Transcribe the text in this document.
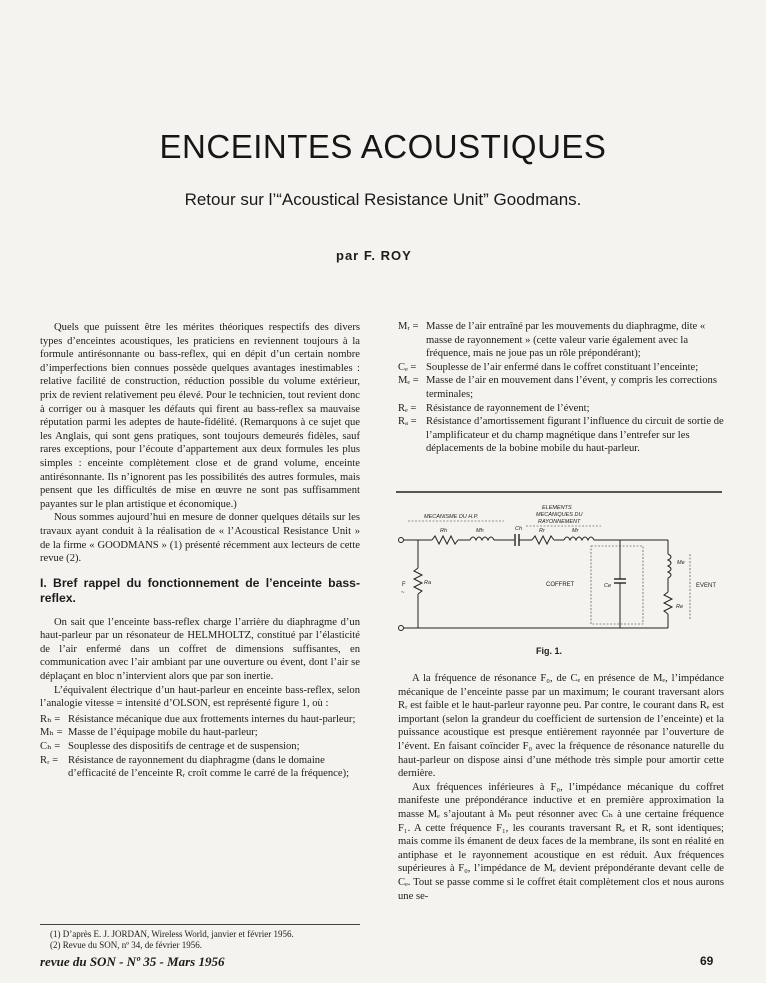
ENCEINTES ACOUSTIQUES
Retour sur l’“Acoustical Resistance Unit” Goodmans.
par F. ROY

Quels que puissent être les mérites théoriques respectifs des divers types d’enceintes acoustiques, les praticiens en reviennent toujours à la formule antirésonnante ou bass-reflex, qui en dépit d’un certain nombre d’imperfections bien connues possède quelques avantages inestimables : relative facilité de construction, réduction possible du volume extérieur, prix de revient relativement peu élevé. Pour le technicien, tout revient donc à corriger ou à masquer les défauts qui firent au bass-reflex sa mauvaise réputation parmi les adeptes de haute-fidélité. (Remarquons à ce sujet que les Anglais, qui sont gens pratiques, sont toujours demeurés fidèles, sauf rares exceptions, pour l’écoute d’appartement aux deux formules les plus simples : enceinte complètement close et de grand volume, enceinte antirésonnante. Ils n’ignorent pas les possibilités des autres formules, mais pensent que les difficultés de mise en œuvre ne sont pas suffisamment payantes sur le plan artistique et économique.)

Nous sommes aujourd’hui en mesure de donner quelques détails sur les travaux ayant conduit à la réalisation de « l’Acoustical Resistance Unit » de la firme « GOODMANS » (1) présenté récemment aux lecteurs de cette revue (2).

I. Bref rappel du fonctionnement de l’enceinte bass-reflex.

On sait que l’enceinte bass-reflex charge l’arrière du diaphragme d’un haut-parleur par un résonateur de HELMHOLTZ, constitué par l’élasticité de l’air enfermé dans un coffret de dimensions suffisantes, en communication avec l’air ambiant par une ouverture ou évent, dont l’air se déplaçant en bloc n’intervient alors que par son inertie.

L’équivalent électrique d’un haut-parleur en enceinte bass-reflex, selon l’analogie vitesse = intensité d’OLSON, est représenté figure 1, où :

Rₕ = Résistance mécanique due aux frottements internes du haut-parleur;
Mₕ = Masse de l’équipage mobile du haut-parleur;
Cₕ = Souplesse des dispositifs de centrage et de suspension;
Rᵣ = Résistance de rayonnement du diaphragme (dans le domaine d’efficacité de l’enceinte Rᵣ croît comme le carré de la fréquence);
(1) D’après E. J. JORDAN, Wireless World, janvier et février 1956.
(2) Revue du SON, nº 34, de février 1956.
Mᵣ = Masse de l’air entraîné par les mouvements du diaphragme, dite « masse de rayonnement » (cette valeur varie également avec la fréquence, mais ne joue pas un rôle prépondérant);
Cₑ = Souplesse de l’air enfermé dans le coffret constituant l’enceinte;
Mₑ = Masse de l’air en mouvement dans l’évent, y compris les corrections terminales;
Rₑ = Résistance de rayonnement de l’évent;
Rₐ = Résistance d’amortissement figurant l’influence du circuit de sortie de l’amplificateur et du champ magnétique dans l’entrefer sur les déplacements de la bobine mobile du haut-parleur.
MECANISME DU H.P.
ELEMENTS
MECANIQUES DU
RAYONNEMENT
Rh	Mh	Ch	Rr	Mr
F
~
Ra	COFFRET	Ce
Me
Re
EVENT
Fig. 1.

A la fréquence de résonance F₀, de Cₑ en présence de Mₑ, l’impédance mécanique de l’enceinte passe par un maximum; le courant traversant alors Rᵣ est faible et le haut-parleur rayonne peu. Par contre, le courant dans Rₑ est important (selon la grandeur du coefficient de surtension de l’enceinte) et la puissance acoustique est presque entièrement rayonnée par l’ouverture de l’évent. En faisant coïncider F₀ avec la fréquence de résonance naturelle du haut-parleur on dispose ainsi d’une méthode très simple pour amortir cette dernière.

Aux fréquences inférieures à F₀, l’impédance mécanique du coffret manifeste une prépondérance inductive et en première approximation la masse Mₑ s’ajoutant à Mₕ peut résonner avec Cₕ à une certaine fréquence F₁. A cette fréquence F₁, les courants traversant Rₑ et Rᵣ sont identiques; mais comme ils émanent de deux faces de la membrane, ils sont en réalité en antiphase et le rayonnement acoustique en est réduit. Aux fréquences supérieures à F₀, l’impédance de Mₑ devient prépondérante devant celle de Cₑ. Tout se passe comme si le coffret était complètement clos et nous aurons une se-

revue du SON - Nº 35 - Mars 1956	69
